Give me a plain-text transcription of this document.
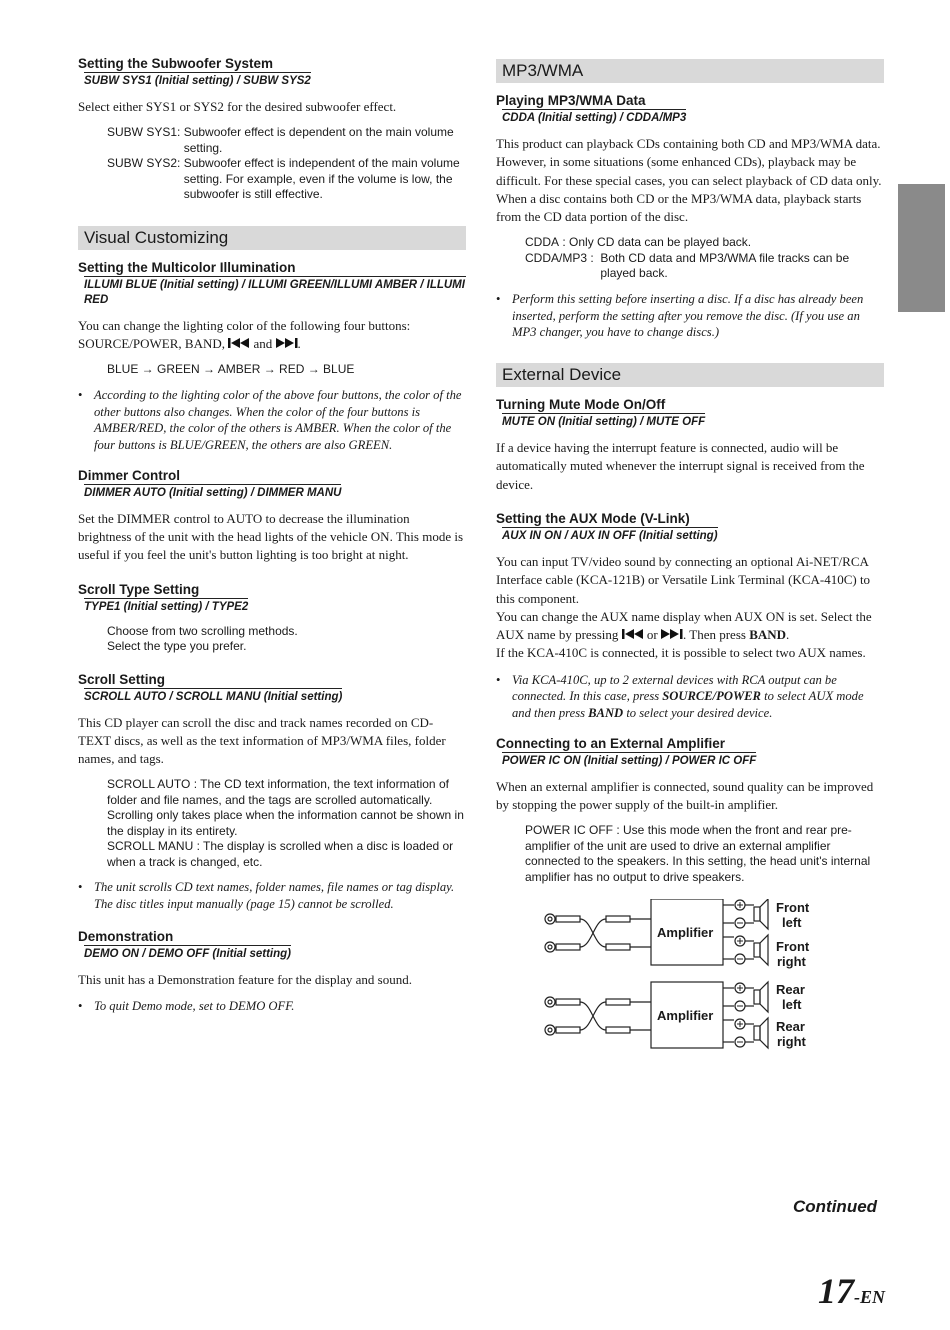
Setting the Subwoofer System
SUBW SYS1 (Initial setting) / SUBW SYS2
Select either SYS1 or SYS2 for the desired subwoofer effect.
SUBW SYS1 : Subwoofer effect is dependent on the main volume setting.
SUBW SYS2 : Subwoofer effect is independent of the main volume setting. For example, even if the volume is low, the subwoofer is still effective.
Visual Customizing
Setting the Multicolor Illumination
ILLUMI BLUE (Initial setting) / ILLUMI GREEN/ILLUMI AMBER / ILLUMI RED
You can change the lighting color of the following four buttons: SOURCE/POWER, BAND, and .
BLUE → GREEN → AMBER → RED → BLUE
• According to the lighting color of the above four buttons, the color of the other buttons also changes. When the color of the four buttons is AMBER/RED, the color of the others is AMBER. When the color of the four buttons is BLUE/GREEN, the others are also GREEN.
Dimmer Control
DIMMER AUTO (Initial setting) / DIMMER MANU
Set the DIMMER control to AUTO to decrease the illumination brightness of the unit with the head lights of the vehicle ON. This mode is useful if you feel the unit's button lighting is too bright at night.
Scroll Type Setting
TYPE1 (Initial setting) / TYPE2
Choose from two scrolling methods.
Select the type you prefer.
Scroll Setting
SCROLL AUTO / SCROLL MANU (Initial setting)
This CD player can scroll the disc and track names recorded on CD-TEXT discs, as well as the text information of MP3/WMA files, folder names, and tags.
SCROLL AUTO : The CD text information, the text information of folder and file names, and the tags are scrolled automatically. Scrolling only takes place when the information cannot be shown in the display in its entirety.
SCROLL MANU : The display is scrolled when a disc is loaded or when a track is changed, etc.
• The unit scrolls CD text names, folder names, file names or tag display. The disc titles input manually (page 15) cannot be scrolled.
Demonstration
DEMO ON / DEMO OFF (Initial setting)
This unit has a Demonstration feature for the display and sound.
• To quit Demo mode, set to DEMO OFF.
MP3/WMA
Playing MP3/WMA Data
CDDA (Initial setting) / CDDA/MP3
This product can playback CDs containing both CD and MP3/WMA data. However, in some situations (some enhanced CDs), playback may be difficult. For these special cases, you can select playback of CD data only. When a disc contains both CD or the MP3/WMA data, playback starts from the CD data portion of the disc.
CDDA : Only CD data can be played back.
CDDA/MP3 : Both CD data and MP3/WMA file tracks can be played back.
• Perform this setting before inserting a disc. If a disc has already been inserted, perform the setting after you remove the disc. (If you use an MP3 changer, you have to change discs.)
External Device
Turning Mute Mode On/Off
MUTE ON (Initial setting) / MUTE OFF
If a device having the interrupt feature is connected, audio will be automatically muted whenever the interrupt signal is received from the device.
Setting the AUX Mode (V-Link)
AUX IN ON / AUX IN OFF (Initial setting)
You can input TV/video sound by connecting an optional Ai-NET/RCA Interface cable (KCA-121B) or Versatile Link Terminal (KCA-410C) to this component.
You can change the AUX name display when AUX ON is set. Select the AUX name by pressing or . Then press BAND.
If the KCA-410C is connected, it is possible to select two AUX names.
• Via KCA-410C, up to 2 external devices with RCA output can be connected. In this case, press SOURCE/POWER to select AUX mode and then press BAND to select your desired device.
Connecting to an External Amplifier
POWER IC ON (Initial setting) / POWER IC OFF
When an external amplifier is connected, sound quality can be improved by stopping the power supply of the built-in amplifier.
POWER IC OFF : Use this mode when the front and rear pre-amplifier of the unit are used to drive an external amplifier connected to the speakers. In this setting, the head unit's internal amplifier has no output to drive speakers.
Amplifier
Amplifier
Front
left
Front
right
Rear
left
Rear
right
Continued
17-EN
